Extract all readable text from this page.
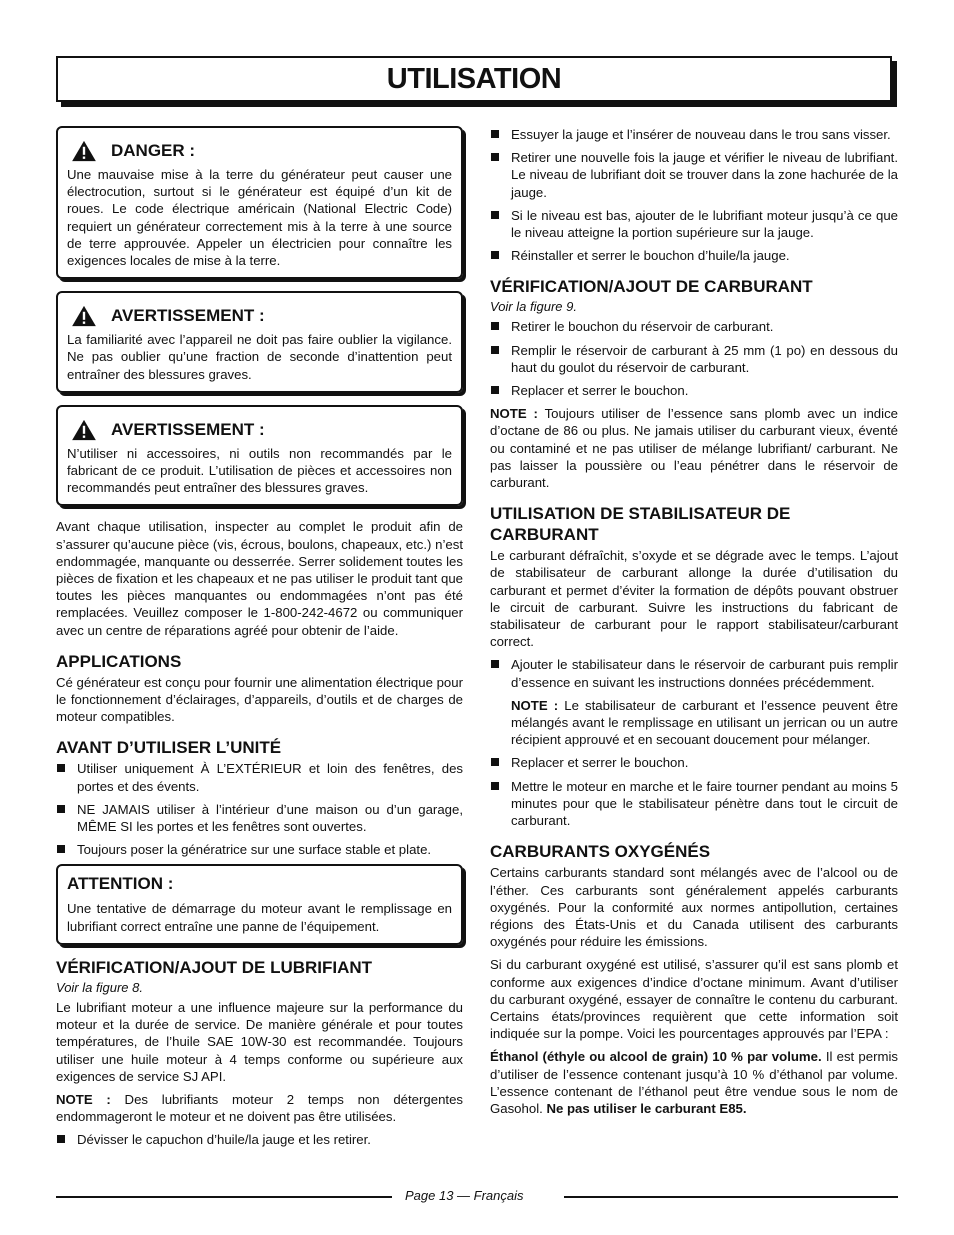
UTILISATION
DANGER :

Une mauvaise mise à la terre du générateur peut causer une électrocution, surtout si le générateur est équipé d’un kit de roues. Le code électrique américain (National Electric Code) requiert un générateur correctement mis à la terre à une source de terre approuvée. Appeler un électricien pour connaître les exigences locales de mise à la terre.

AVERTISSEMENT :

La familiarité avec l’appareil ne doit pas faire oublier la vigilance. Ne pas oublier qu’une fraction de seconde d’inattention peut entraîner des blessures graves.

AVERTISSEMENT :

N’utiliser ni accessoires, ni outils non recommandés par le fabricant de ce produit. L’utilisation de pièces et accessoires non recommandés peut entraîner des blessures graves.

Avant chaque utilisation, inspecter au complet le produit afin de s’assurer qu’aucune pièce (vis, écrous, boulons, chapeaux, etc.) n’est endommagée, manquante ou desserrée. Serrer solidement toutes les pièces de fixation et les chapeaux et ne pas utiliser le produit tant que toutes les pièces manquantes ou endommagées n’ont pas été remplacées. Veuillez composer le 1-800-242-4672 ou communiquer avec un centre de réparations agréé pour obtenir de l’aide.

APPLICATIONS

Cé générateur est conçu pour fournir une alimentation électrique pour le fonctionnement d’éclairages, d’appareils, d’outils et de charges de moteur compatibles.

AVANT D’UTILISER L’UNITÉ
Utiliser uniquement À L’EXTÉRIEUR et loin des fenêtres, des portes et des évents.
NE JAMAIS utiliser à l’intérieur d’une maison ou d’un garage, MÊME SI les portes et les fenêtres sont ouvertes.
Toujours poser la génératrice sur une surface stable et plate.
ATTENTION :

Une tentative de démarrage du moteur avant le remplissage en lubrifiant correct entraîne une panne de l’équipement.

VÉRIFICATION/AJOUT DE LUBRIFIANT
Voir la figure 8.

Le lubrifiant moteur a une influence majeure sur la performance du moteur et la durée de service. De manière générale et pour toutes températures, de l’huile SAE 10W-30 est recommandée. Toujours utiliser une huile moteur à 4 temps conforme ou supérieure aux exigences de service SJ API.

NOTE : Des lubrifiants moteur 2 temps non détergentes endommageront le moteur et ne doivent pas être utilisées.

Dévisser le capuchon d’huile/la jauge et les retirer.
Essuyer la jauge et l’insérer de nouveau dans le trou sans visser.
Retirer une nouvelle fois la jauge et vérifier le niveau de lubrifiant. Le niveau de lubrifiant doit se trouver dans la zone hachurée de la jauge.
Si le niveau est bas, ajouter de le lubrifiant moteur jusqu’à ce que le niveau atteigne la portion supérieure sur la jauge.
Réinstaller et serrer le bouchon d’huile/la jauge.
VÉRIFICATION/AJOUT DE CARBURANT
Voir la figure 9.
Retirer le bouchon du réservoir de carburant.
Remplir le réservoir de carburant à 25 mm (1 po) en dessous du haut du goulot du réservoir de carburant.
Replacer et serrer le bouchon.

NOTE : Toujours utiliser de l’essence sans plomb avec un indice d’octane de 86 ou plus. Ne jamais utiliser du carburant vieux, éventé ou contaminé et ne pas utiliser de mélange lubrifiant/ carburant. Ne pas laisser la poussière ou l’eau pénétrer dans le réservoir de carburant.

UTILISATION DE STABILISATEUR DE CARBURANT

Le carburant défraîchit, s’oxyde et se dégrade avec le temps. L’ajout de stabilisateur de carburant allonge la durée d’utilisation du carburant et permet d’éviter la formation de dépôts pouvant obstruer le circuit de carburant. Suivre les instructions du fabricant de stabilisateur de carburant pour le rapport stabilisateur/carburant correct.

Ajouter le stabilisateur dans le réservoir de carburant puis remplir d’essence en suivant les instructions données précédemment.

NOTE : Le stabilisateur de carburant et l’essence peuvent être mélangés avant le remplissage en utilisant un jerrican ou un autre récipient approuvé et en secouant doucement pour mélanger.

Replacer et serrer le bouchon.
Mettre le moteur en marche et le faire tourner pendant au moins 5 minutes pour que le stabilisateur pénètre dans tout le circuit de carburant.
CARBURANTS OXYGÉNÉS

Certains carburants standard sont mélangés avec de l’alcool ou de l’éther. Ces carburants sont généralement appelés carburants oxygénés. Pour la conformité aux normes antipollution, certaines régions des États-Unis et du Canada utilisent des carburants oxygénés pour réduire les émissions.

Si du carburant oxygéné est utilisé, s’assurer qu’il est sans plomb et conforme aux exigences d’indice d’octane minimum. Avant d’utiliser du carburant oxygéné, essayer de connaître le contenu du carburant. Certains états/provinces requièrent que cette information soit indiquée sur la pompe. Voici les pourcentages approuvés par l’EPA :

Éthanol (éthyle ou alcool de grain) 10 % par volume. Il est permis d’utiliser de l’essence contenant jusqu’à 10 % d’éthanol par volume. L’essence contenant de l’éthanol peut être vendue sous le nom de Gasohol. Ne pas utiliser le carburant E85.

Page 13 — Français
